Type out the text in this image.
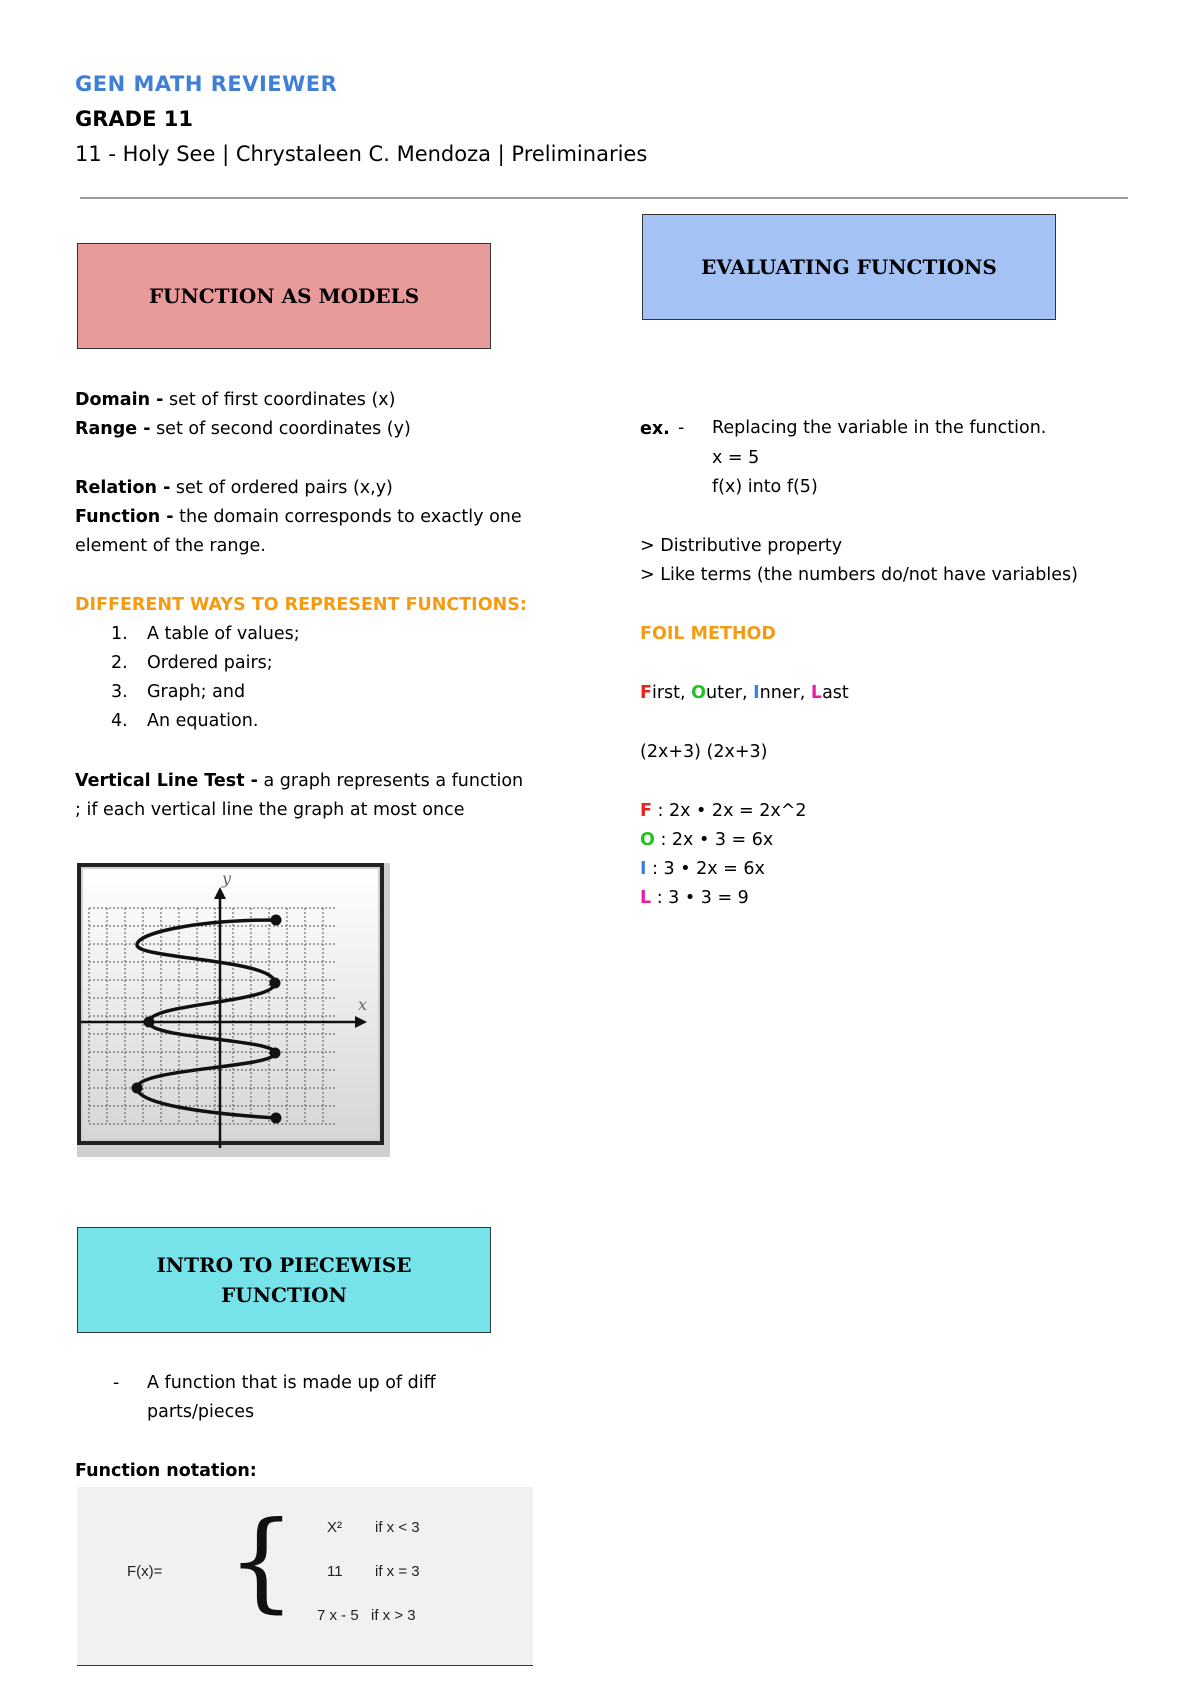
GEN MATH REVIEWER
GRADE 11
11 - Holy See | Chrystaleen C. Mendoza | Preliminaries
FUNCTION AS MODELS
Domain - set of first coordinates (x)
Range - set of second coordinates (y)
Relation - set of ordered pairs (x,y)
Function - the domain corresponds to exactly one
element of the range.
DIFFERENT WAYS TO REPRESENT FUNCTIONS:
1. A table of values;
2. Ordered pairs;
3. Graph; and
4. An equation.
Vertical Line Test - a graph represents a function
; if each vertical line the graph at most once
y
x
INTRO TO PIECEWISE
FUNCTION
- A function that is made up of diff
parts/pieces
Function notation:
F(x)= { X² if x < 3
11 if x = 3
7 x - 5 if x > 3
EVALUATING FUNCTIONS
- Replacing the variable in the function.
ex.
x = 5
f(x) into f(5)
> Distributive property
> Like terms (the numbers do/not have variables)
FOIL METHOD
First, Outer, Inner, Last
(2x+3) (2x+3)
F : 2x • 2x = 2x^2
O : 2x • 3 = 6x
I : 3 • 2x = 6x
L : 3 • 3 = 9
